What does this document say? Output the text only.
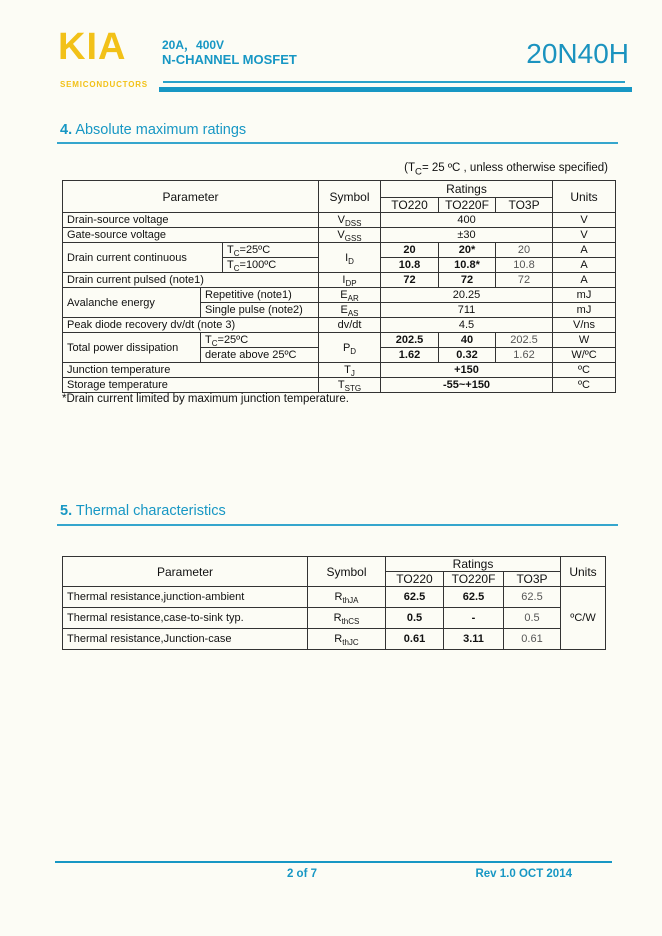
KIA
SEMICONDUCTORS
20A，400V
N-CHANNEL MOSFET	20N40H
4. Absolute maximum ratings
($T_C= 25$ ºC , unless otherwise specified)
Parameter			Symbol	Ratings			Units
				TO220	TO220F	TO3P	
Drain-source voltage			$V_{DSS}$	400			V
Gate-source voltage			$V_{GSS}$	±30			V
Drain current continuous		$T_C=25ºC$	$I_D$	20	20*	20	A
		$T_C=100ºC$		10.8	10.8*	10.8	A
Drain current pulsed (note1)			$I_{DP}$	72	72	72	A
Avalanche energy	Repetitive (note1)		$E_{AR}$	20.25			mJ
	Single pulse (note2)		$E_{AS}$	711			mJ
Peak diode recovery dv/dt (note 3)			dv/dt	4.5			V/ns
Total power dissipation	$T_C=25ºC$		$P_D$	202.5	40	202.5	W
	derate above 25ºC			1.62	0.32	1.62	W/ºC
Junction temperature			$T_J$	+150			ºC
Storage temperature			$T_{STG}$	-55~+150			ºC
*Drain current limited by maximum junction temperature.
5. Thermal characteristics
Parameter	Symbol	Ratings			Units
		TO220	TO220F	TO3P	
Thermal resistance,junction-ambient	$R_{thJA}$	62.5	62.5	62.5	ºC/W
Thermal resistance,case-to-sink typ.	$R_{thCS}$	0.5	-	0.5	
Thermal resistance,Junction-case	$R_{thJC}$	0.61	3.11	0.61	
2 of 7	Rev 1.0 OCT 2014
